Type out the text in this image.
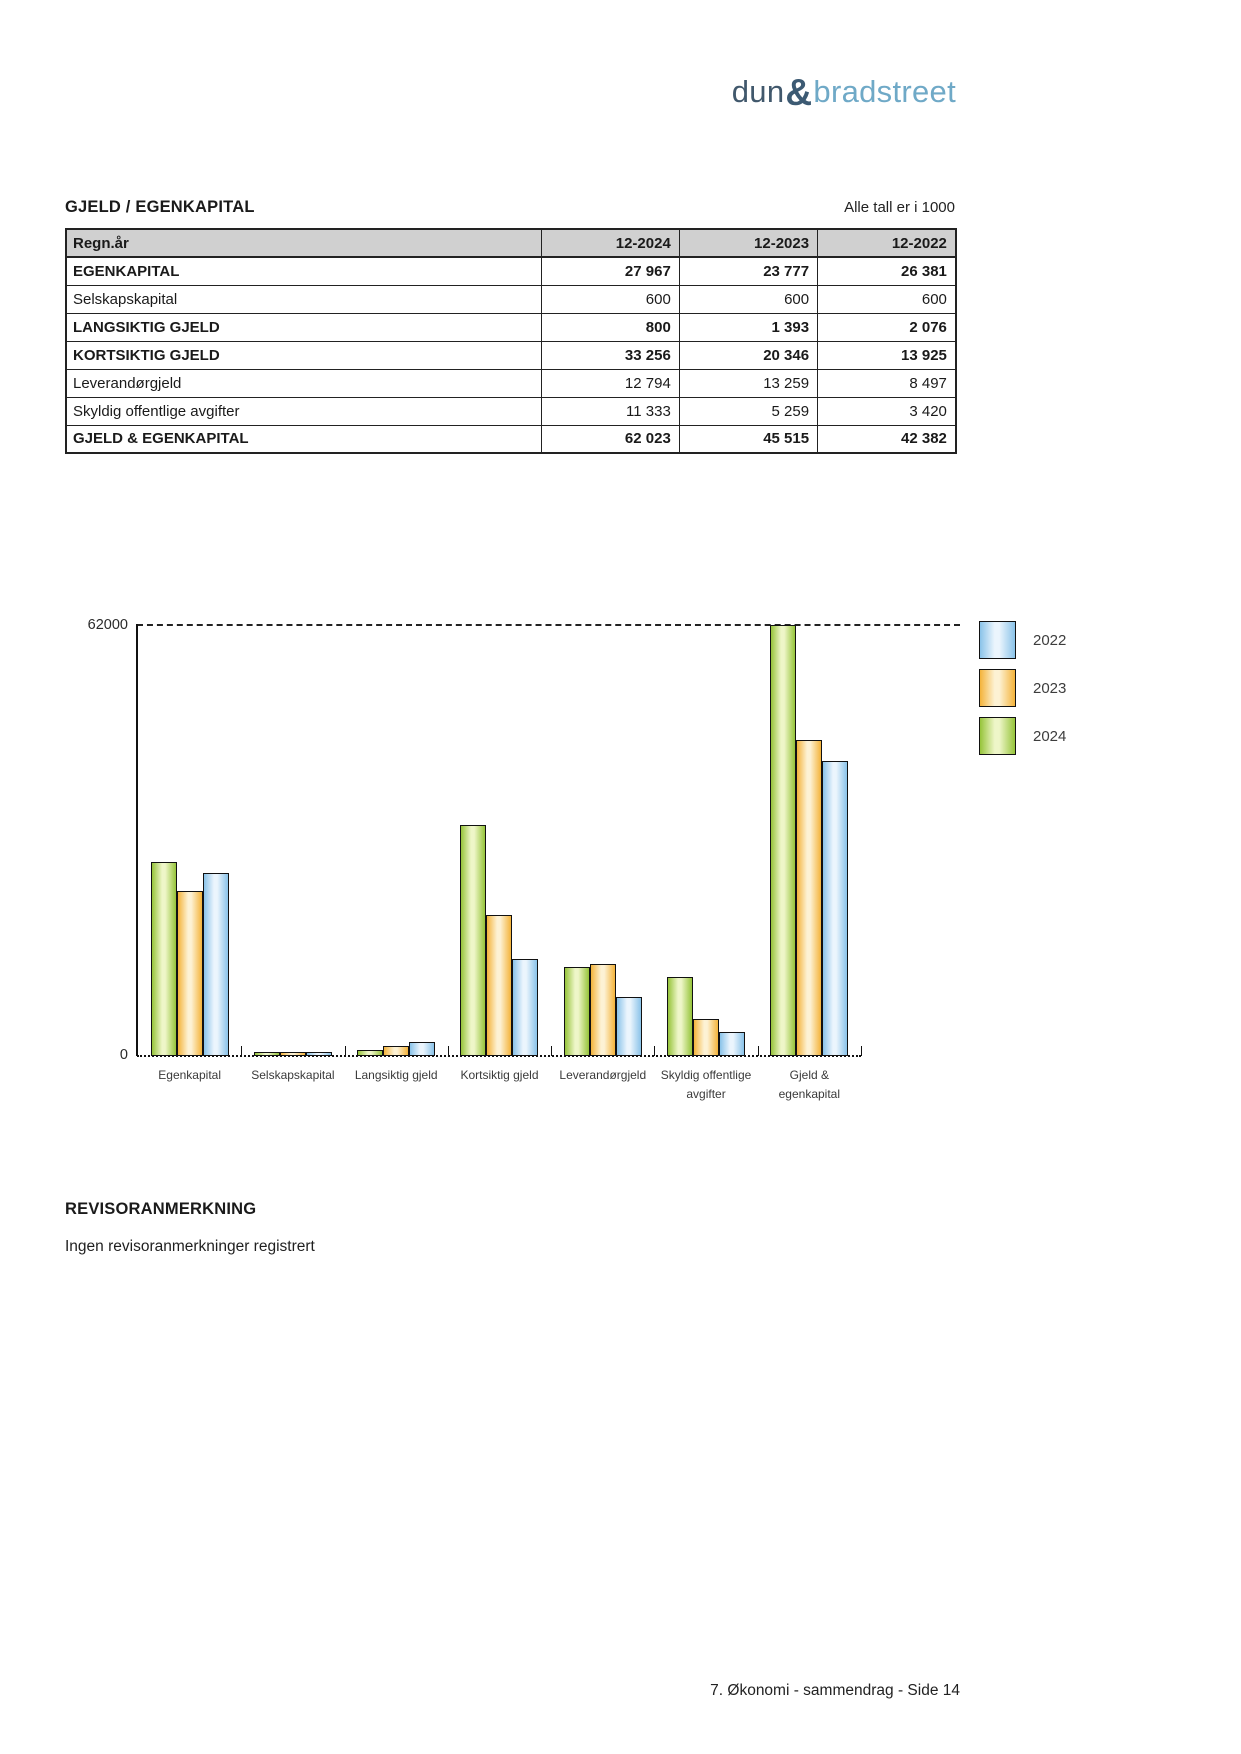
dun&bradstreet
GJELD / EGENKAPITAL	Alle tall er i 1000
Regn.år	12-2024	12-2023	12-2022
EGENKAPITAL	27 967	23 777	26 381
Selskapskapital	600	600	600
LANGSIKTIG GJELD	800	1 393	2 076
KORTSIKTIG GJELD	33 256	20 346	13 925
Leverandørgjeld	12 794	13 259	8 497
Skyldig offentlige avgifter	11 333	5 259	3 420
GJELD & EGENKAPITAL	62 023	45 515	42 382
62000
0
Egenkapital	Selskapskapital	Langsiktig gjeld	Kortsiktig gjeld	Leverandørgjeld	Skyldig offentlige avgifter
Gjeld & egenkapital
2022
2023
2024
REVISORANMERKNING
Ingen revisoranmerkninger registrert
7. Økonomi - sammendrag - Side 14
